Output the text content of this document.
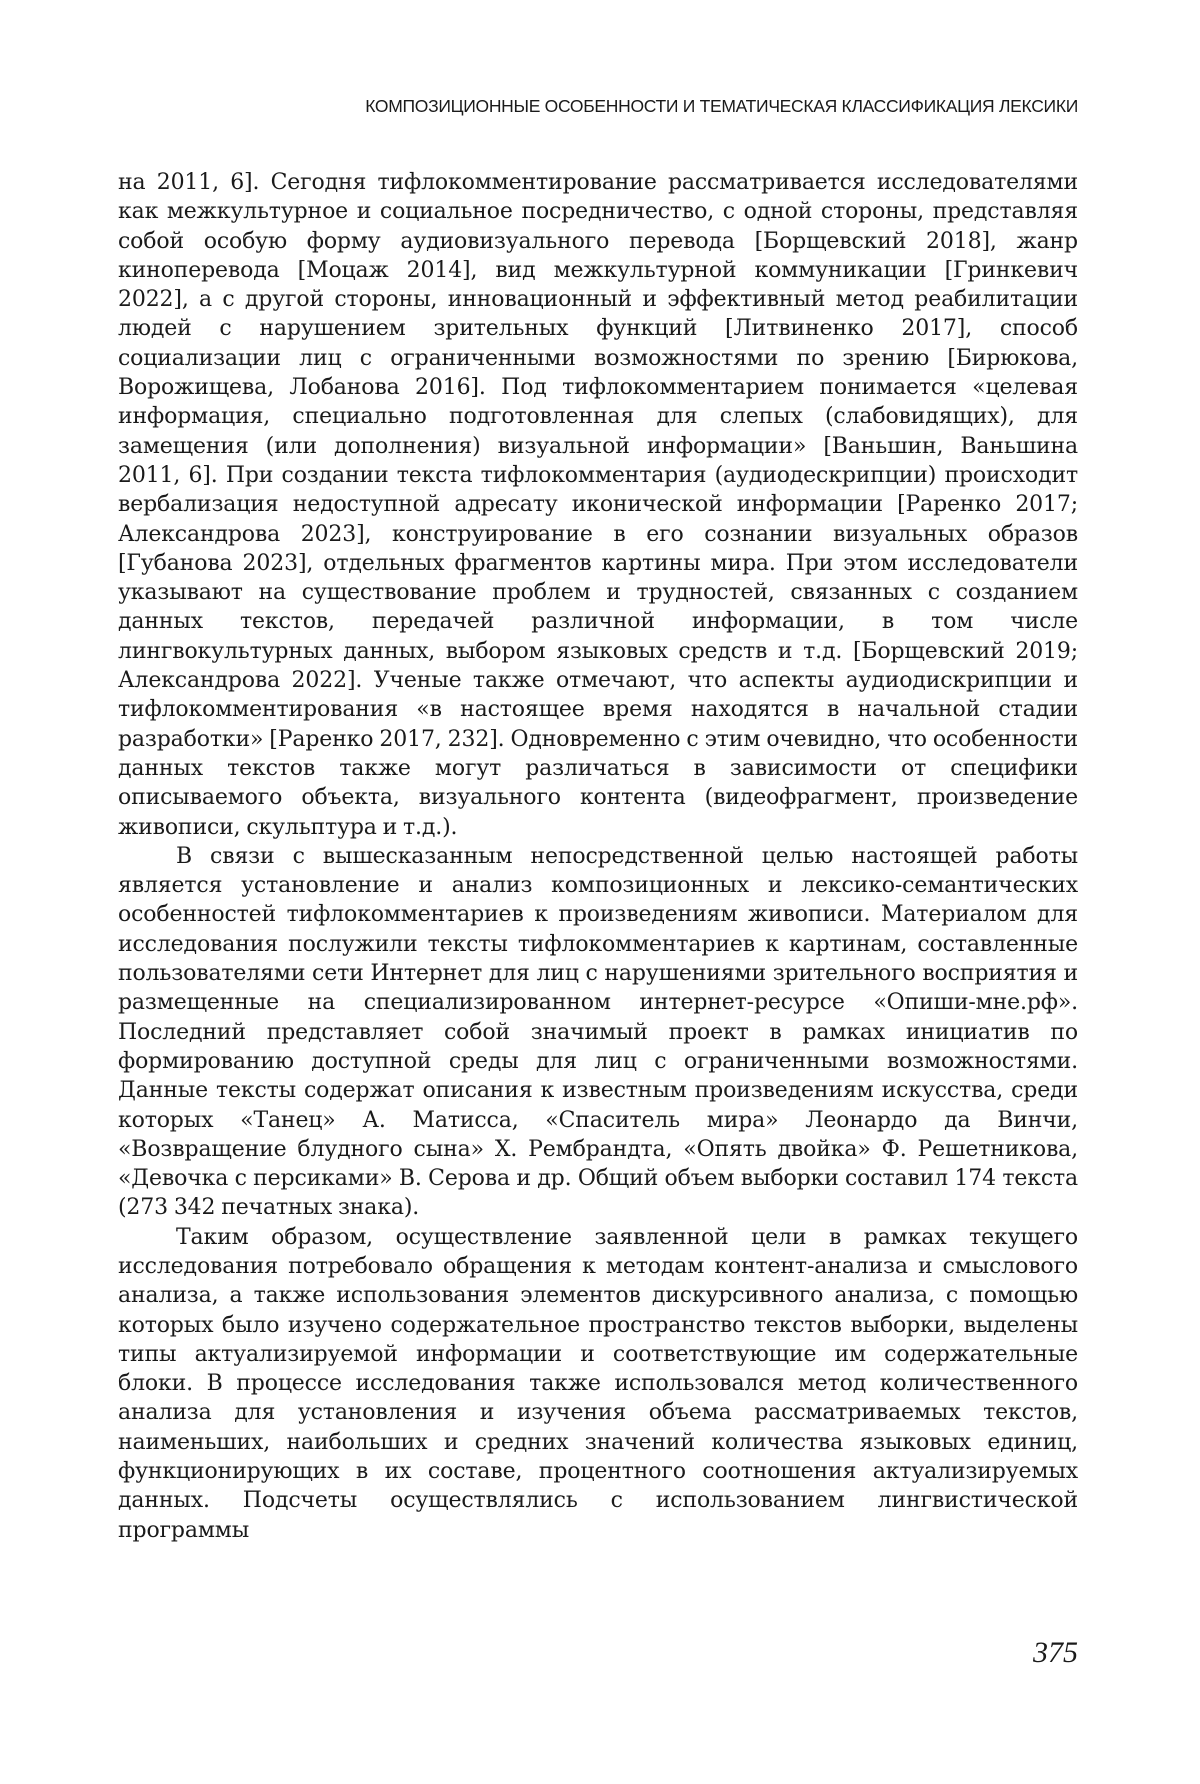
КОМПОЗИЦИОННЫЕ ОСОБЕННОСТИ И ТЕМАТИЧЕСКАЯ КЛАССИФИКАЦИЯ ЛЕКСИКИ

на 2011, 6]. Сегодня тифлокомментирование рассматривается исследователями как межкультурное и социальное посредничество, с одной стороны, представляя собой особую форму аудиовизуального перевода [Борщевский 2018], жанр киноперевода [Моцаж 2014], вид межкультурной коммуникации [Гринкевич 2022], а с другой стороны, инновационный и эффективный метод реабилитации людей с нарушением зрительных функций [Литвиненко 2017], способ социализации лиц с ограниченными возможностями по зрению [Бирюкова, Ворожищева, Лобанова 2016]. Под тифлокомментарием понимается «целевая информация, специально подготовленная для слепых (слабовидящих), для замещения (или дополнения) визуальной информации» [Ваньшин, Ваньшина 2011, 6]. При создании текста тифлокомментария (аудиодескрипции) происходит вербализация недоступной адресату иконической информации [Раренко 2017; Александрова 2023], конструирование в его сознании визуальных образов [Губанова 2023], отдельных фрагментов картины мира. При этом исследователи указывают на существование проблем и трудностей, связанных с созданием данных текстов, передачей различной информации, в том числе лингвокультурных данных, выбором языковых средств и т.д. [Борщевский 2019; Александрова 2022]. Ученые также отмечают, что аспекты аудиодискрипции и тифлокомментирования «в настоящее время находятся в начальной стадии разработки» [Раренко 2017, 232]. Одновременно с этим очевидно, что особенности данных текстов также могут различаться в зависимости от специфики описываемого объекта, визуального контента (видеофрагмент, произведение живописи, скульптура и т.д.).

В связи с вышесказанным непосредственной целью настоящей работы является установление и анализ композиционных и лексико-семантических особенностей тифлокомментариев к произведениям живописи. Материалом для исследования послужили тексты тифлокомментариев к картинам, составленные пользователями сети Интернет для лиц с нарушениями зрительного восприятия и размещенные на специализированном интернет-ресурсе «Опиши-мне.рф». Последний представляет собой значимый проект в рамках инициатив по формированию доступной среды для лиц с ограниченными возможностями. Данные тексты содержат описания к известным произведениям искусства, среди которых «Танец» А. Матисса, «Спаситель мира» Леонардо да Винчи, «Возвращение блудного сына» Х. Рембрандта, «Опять двойка» Ф. Решетникова, «Девочка с персиками» В. Серова и др. Общий объем выборки составил 174 текста (273 342 печатных знака).

Таким образом, осуществление заявленной цели в рамках текущего исследования потребовало обращения к методам контент-анализа и смыслового анализа, а также использования элементов дискурсивного анализа, с помощью которых было изучено содержательное пространство текстов выборки, выделены типы актуализируемой информации и соответствующие им содержательные блоки. В процессе исследования также использовался метод количественного анализа для установления и изучения объема рассматриваемых текстов, наименьших, наибольших и средних значений количества языковых единиц, функционирующих в их составе, процентного соотношения актуализируемых данных. Подсчеты осуществлялись с использованием лингвистической программы

375
